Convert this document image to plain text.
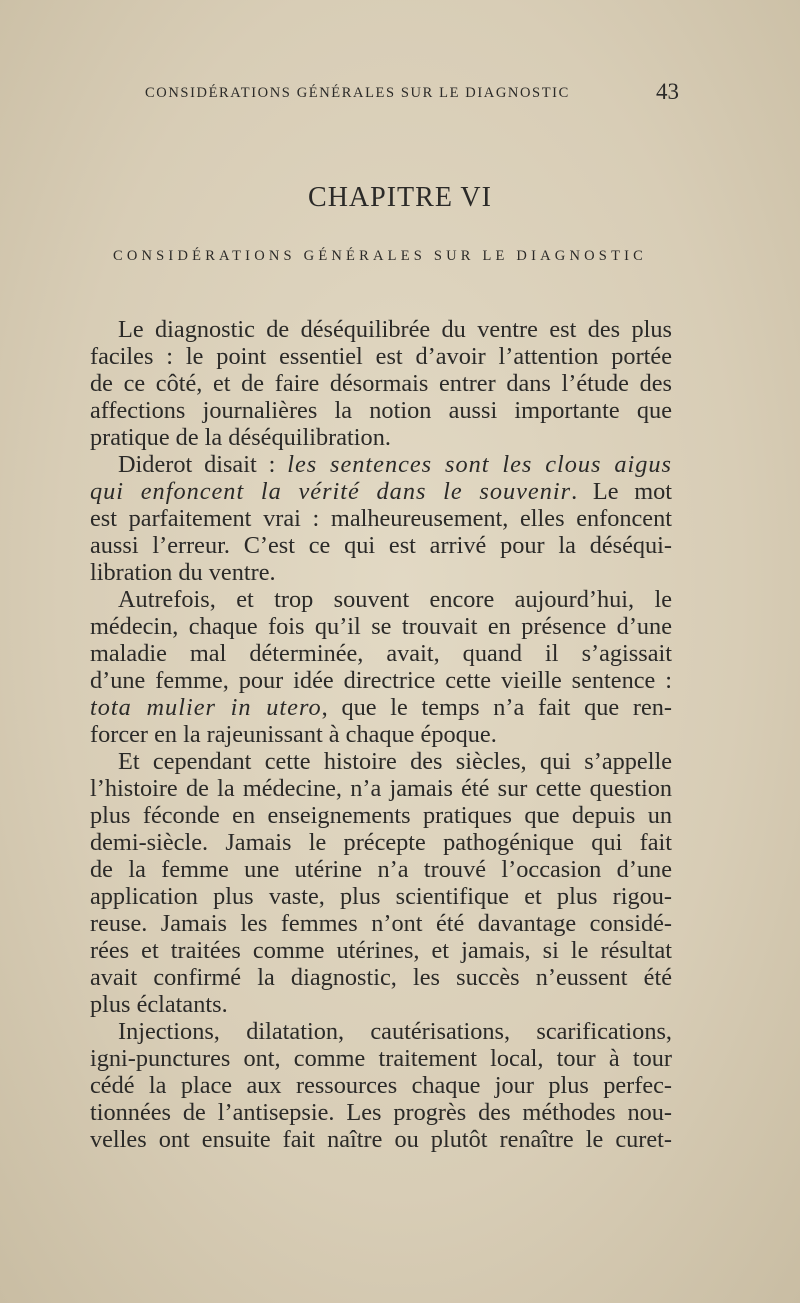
CONSIDÉRATIONS GÉNÉRALES SUR LE DIAGNOSTIC	43
CHAPITRE VI
CONSIDÉRATIONS GÉNÉRALES SUR LE DIAGNOSTIC
Le diagnostic de déséquilibrée du ventre est des plus
faciles : le point essentiel est d’avoir l’attention portée
de ce côté, et de faire désormais entrer dans l’étude des
affections journalières la notion aussi importante que
pratique de la déséquilibration.
Diderot disait : les sentences sont les clous aigus
qui enfoncent la vérité dans le souvenir. Le mot
est parfaitement vrai : malheureusement, elles enfoncent
aussi l’erreur. C’est ce qui est arrivé pour la déséqui-
libration du ventre.
Autrefois, et trop souvent encore aujourd’hui, le
médecin, chaque fois qu’il se trouvait en présence d’une
maladie mal déterminée, avait, quand il s’agissait
d’une femme, pour idée directrice cette vieille sentence :
tota mulier in utero, que le temps n’a fait que ren-
forcer en la rajeunissant à chaque époque.
Et cependant cette histoire des siècles, qui s’appelle
l’histoire de la médecine, n’a jamais été sur cette question
plus féconde en enseignements pratiques que depuis un
demi-siècle. Jamais le précepte pathogénique qui fait
de la femme une utérine n’a trouvé l’occasion d’une
application plus vaste, plus scientifique et plus rigou-
reuse. Jamais les femmes n’ont été davantage considé-
rées et traitées comme utérines, et jamais, si le résultat
avait confirmé la diagnostic, les succès n’eussent été
plus éclatants.
Injections, dilatation, cautérisations, scarifications,
igni-punctures ont, comme traitement local, tour à tour
cédé la place aux ressources chaque jour plus perfec-
tionnées de l’antisepsie. Les progrès des méthodes nou-
velles ont ensuite fait naître ou plutôt renaître le curet-
